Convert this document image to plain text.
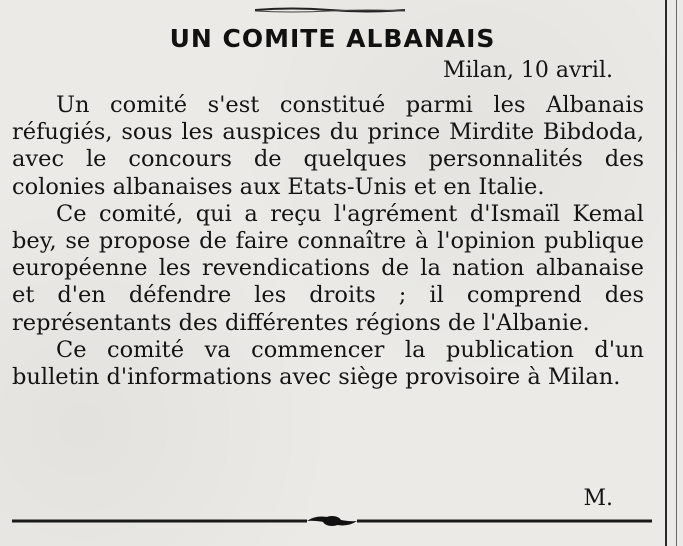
UN COMITE ALBANAIS
Milan, 10 avril.

Un comité s'est constitué parmi les Albanais réfugiés, sous les auspices du prince Mirdite Bibdoda, avec le concours de quelques personnalités des colonies albanaises aux Etats-Unis et en Italie.

Ce comité, qui a reçu l'agrément d'Ismaïl Kemal bey, se propose de faire connaître à l'opinion publique européenne les revendications de la nation albanaise et d'en défendre les droits ; il comprend des représentants des différentes régions de l'Albanie.

Ce comité va commencer la publication d'un bulletin d'informations avec siège provisoire à Milan.

M.
